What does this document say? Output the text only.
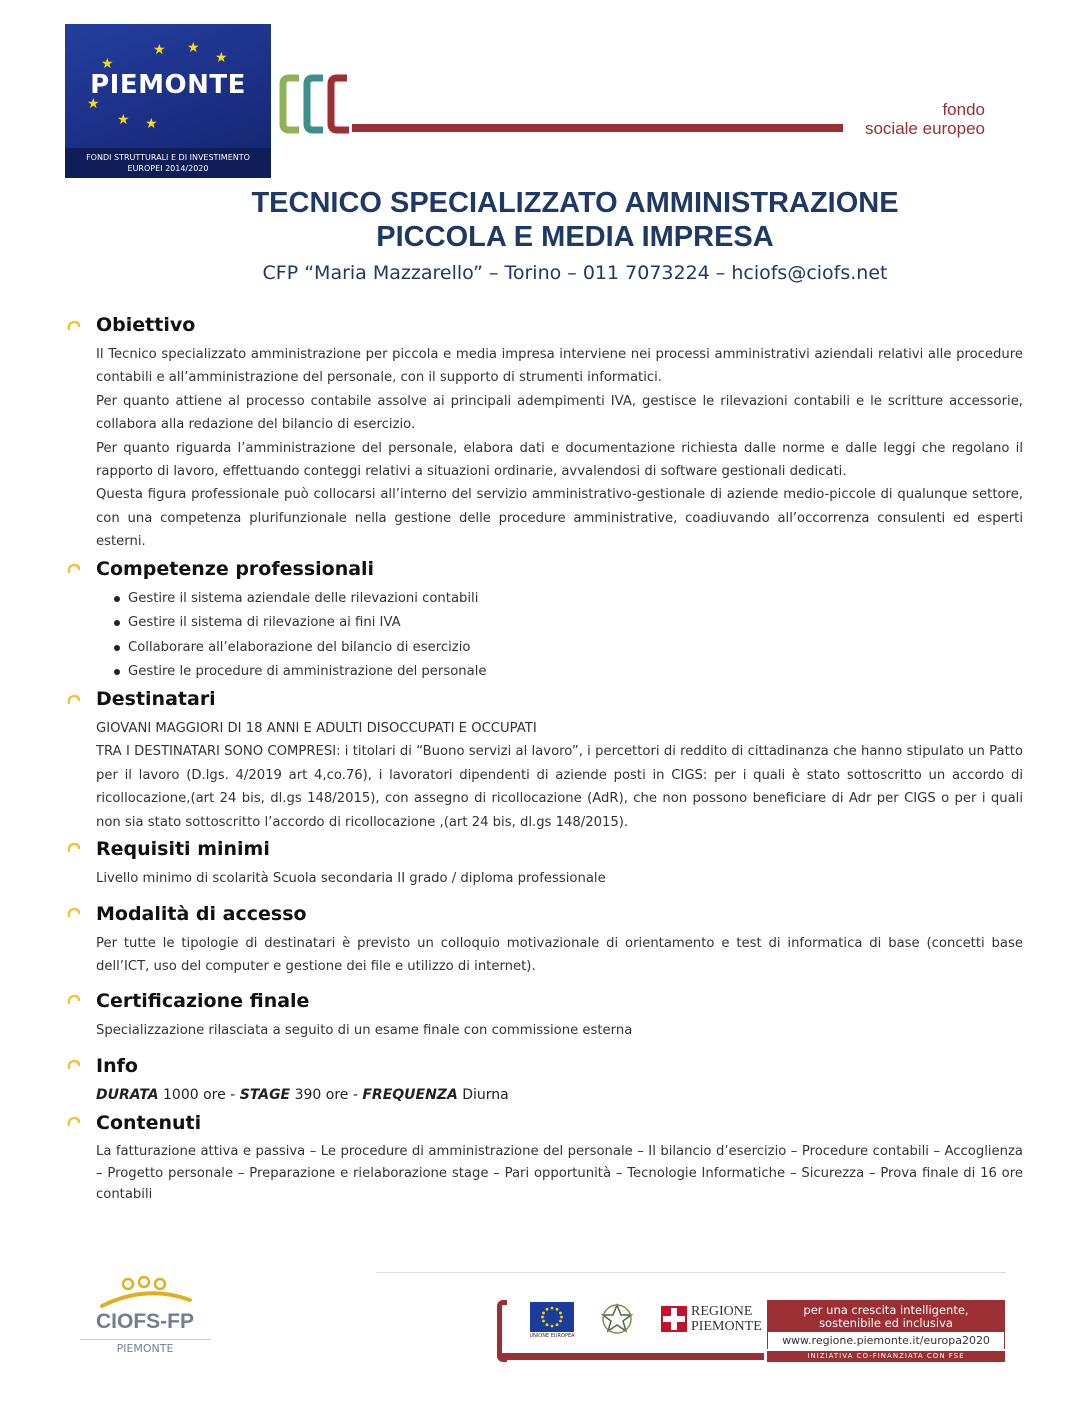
★ ★
★
★
★
★ ★
PIEMONTE
FONDI STRUTTURALI E DI INVESTIMENTO
EUROPEI 2014/2020
fondo
sociale europeo
TECNICO SPECIALIZZATO AMMINISTRAZIONE
PICCOLA E MEDIA IMPRESA
CFP “Maria Mazzarello” – Torino – 011 7073224 – hciofs@ciofs.net
Obiettivo

Il Tecnico specializzato amministrazione per piccola e media impresa interviene nei processi amministrativi aziendali relativi alle procedure contabili e all’amministrazione del personale, con il supporto di strumenti informatici.

Per quanto attiene al processo contabile assolve ai principali adempimenti IVA, gestisce le rilevazioni contabili e le scritture accessorie, collabora alla redazione del bilancio di esercizio.

Per quanto riguarda l’amministrazione del personale, elabora dati e documentazione richiesta dalle norme e dalle leggi che regolano il rapporto di lavoro, effettuando conteggi relativi a situazioni ordinarie, avvalendosi di software gestionali dedicati.

Questa figura professionale può collocarsi all’interno del servizio amministrativo-gestionale di aziende medio-piccole di qualunque settore, con una competenza plurifunzionale nella gestione delle procedure amministrative, coadiuvando all’occorrenza consulenti ed esperti esterni.

Competenze professionali
Gestire il sistema aziendale delle rilevazioni contabili
Gestire il sistema di rilevazione ai fini IVA
Collaborare all’elaborazione del bilancio di esercizio
Gestire le procedure di amministrazione del personale
Destinatari

GIOVANI MAGGIORI DI 18 ANNI E ADULTI DISOCCUPATI E OCCUPATI

TRA I DESTINATARI SONO COMPRESI: i titolari di “Buono servizi al lavoro”, i percettori di reddito di cittadinanza che hanno stipulato un Patto per il lavoro (D.lgs. 4/2019 art 4,co.76), i lavoratori dipendenti di aziende posti in CIGS: per i quali è stato sottoscritto un accordo di ricollocazione,(art 24 bis, dl.gs 148/2015), con assegno di ricollocazione (AdR), che non possono beneficiare di Adr per CIGS o per i quali non sia stato sottoscritto l’accordo di ricollocazione ,(art 24 bis, dl.gs 148/2015).

Requisiti minimi
Livello minimo di scolarità Scuola secondaria II grado / diploma professionale
Modalità di accesso
Per tutte le tipologie di destinatari è previsto un colloquio motivazionale di orientamento e test di informatica di base (concetti base dell’ICT, uso del computer e gestione dei file e utilizzo di internet).
Certificazione finale
Specializzazione rilasciata a seguito di un esame finale con commissione esterna
Info
DURATA 1000 ore - STAGE 390 ore - FREQUENZA Diurna
Contenuti
La fatturazione attiva e passiva – Le procedure di amministrazione del personale – Il bilancio d’esercizio – Procedure contabili – Accoglienza – Progetto personale – Preparazione e rielaborazione stage – Pari opportunità – Tecnologie Informatiche – Sicurezza – Prova finale di 16 ore contabili
CIOFS-FP
PIEMONTE
UNIONE EUROPEA
REGIONE
PIEMONTE
per una crescita intelligente,
sostenibile ed inclusiva
www.regione.piemonte.it/europa2020
INIZIATIVA CO-FINANZIATA CON FSE
